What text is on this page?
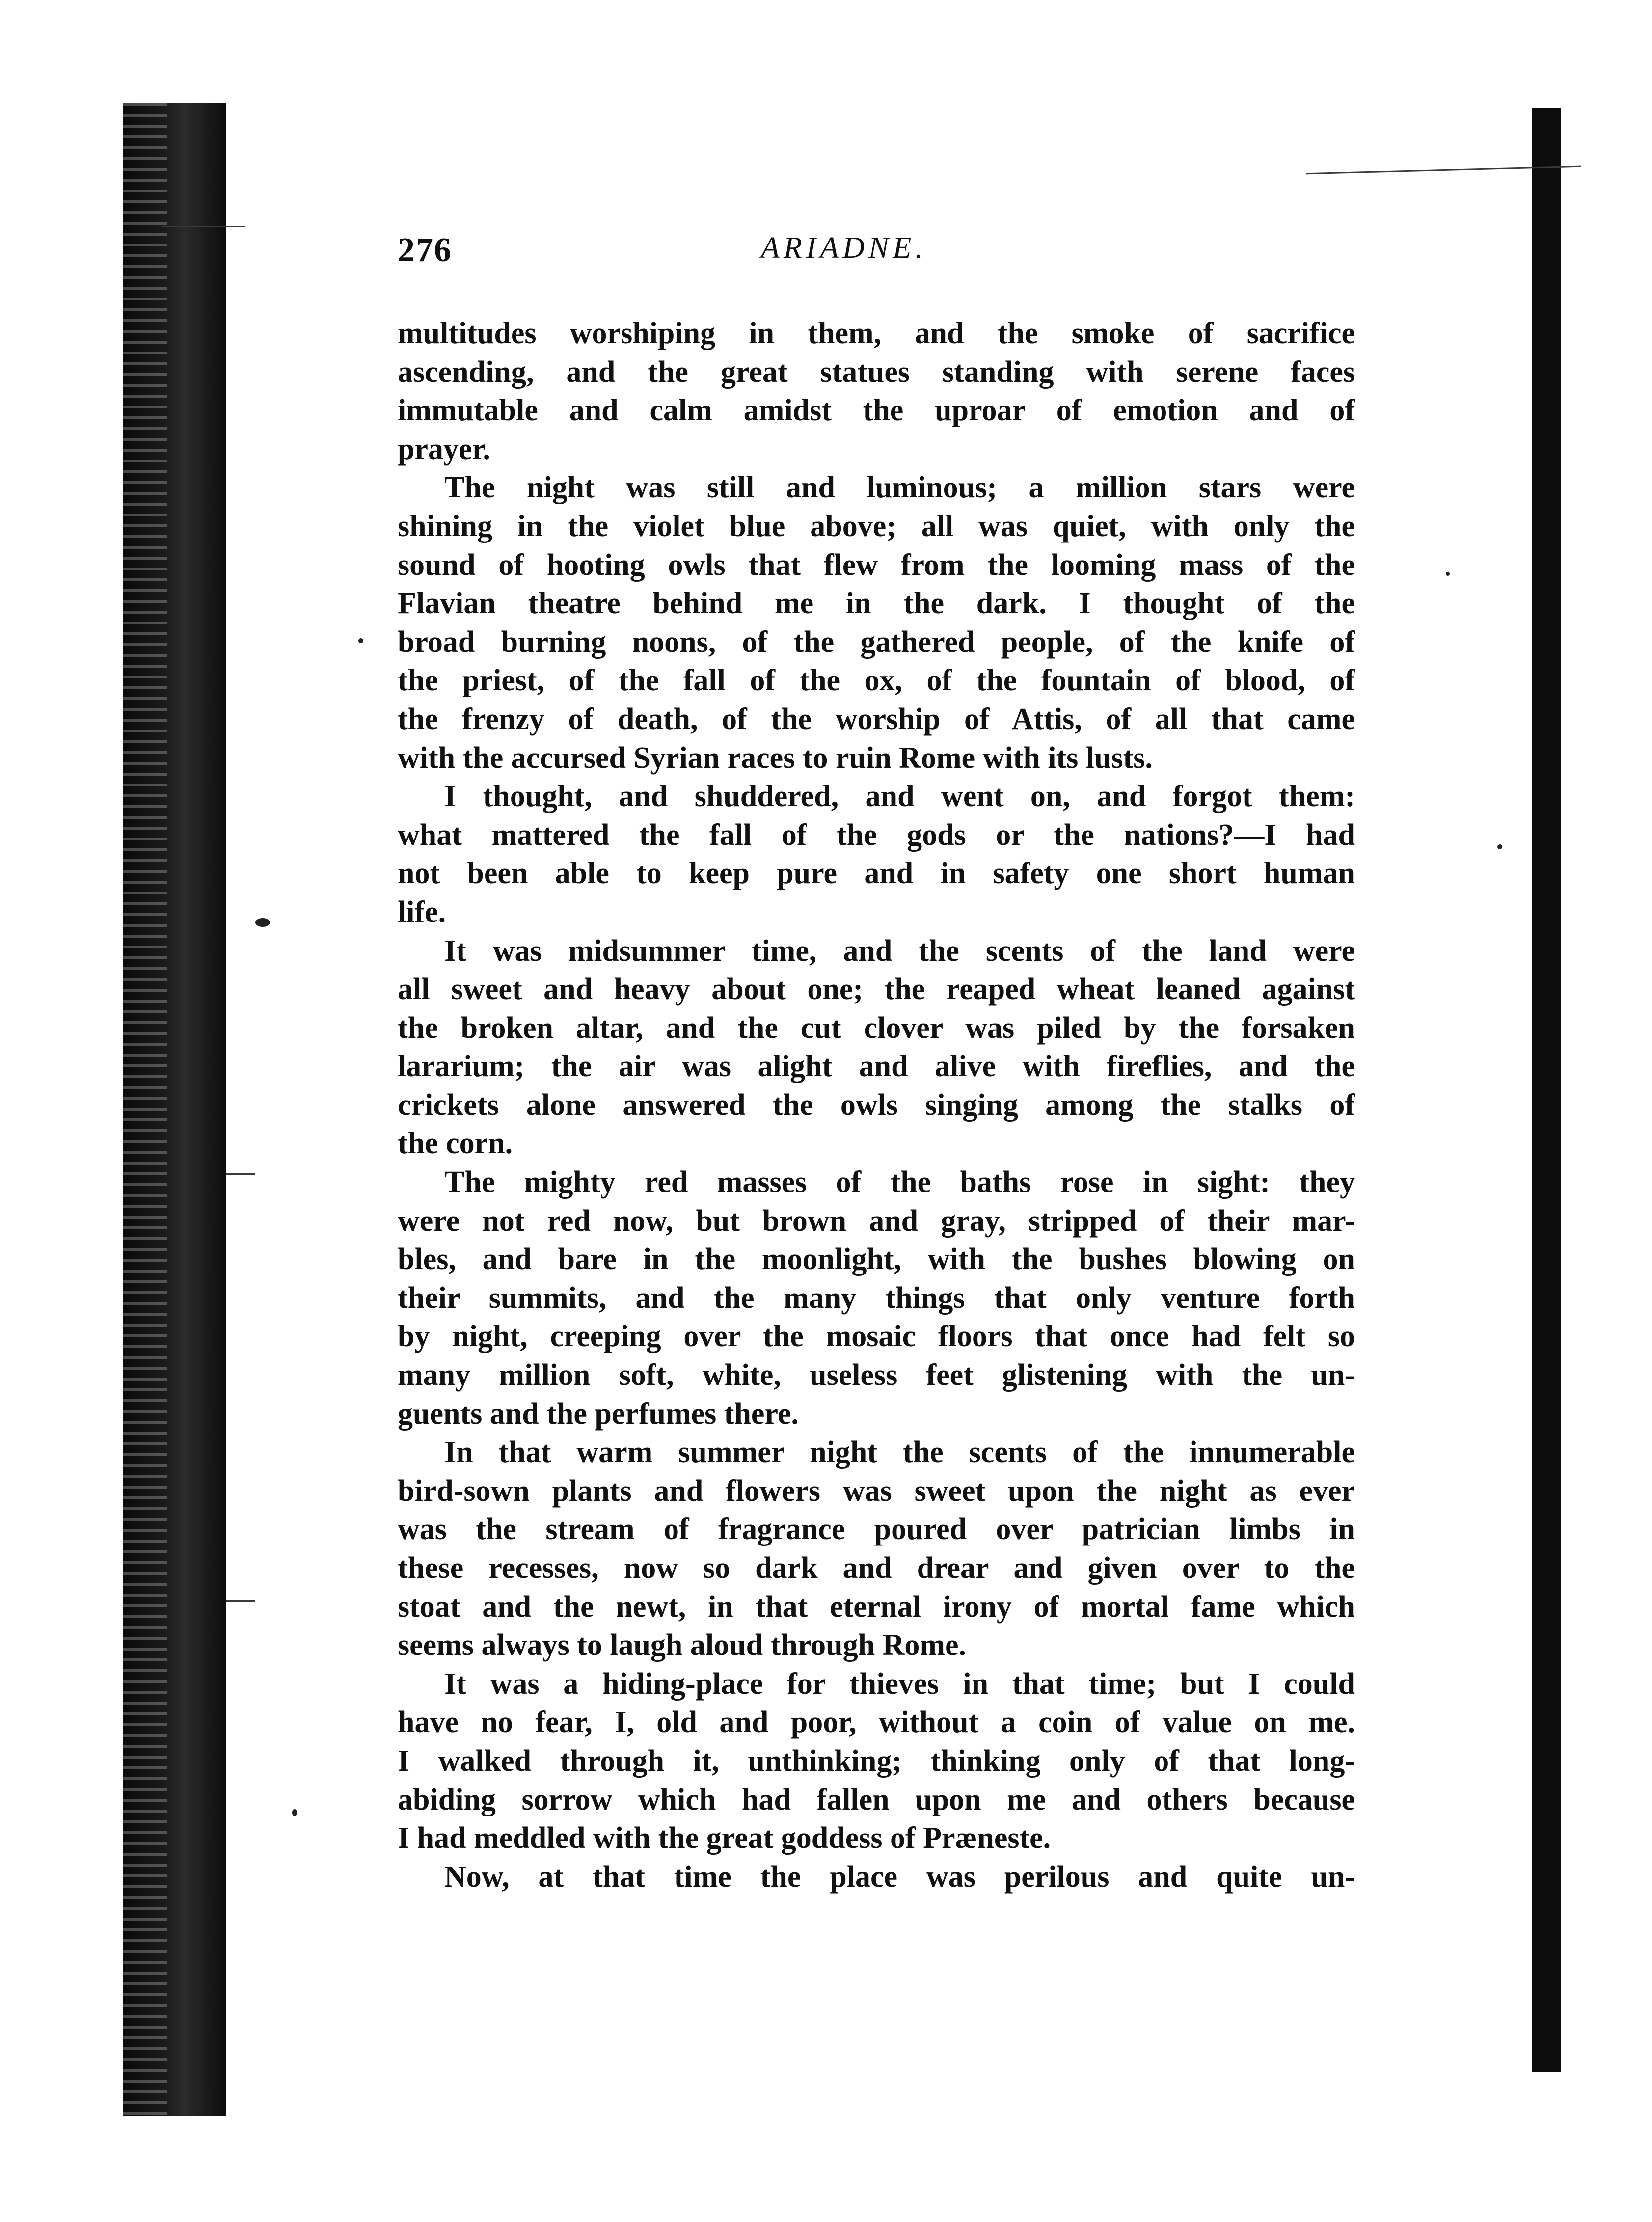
276	ARIADNE.
multitudes worshiping in them, and the smoke of sacrifice
ascending, and the great statues standing with serene faces
immutable and calm amidst the uproar of emotion and of
prayer.
The night was still and luminous; a million stars were
shining in the violet blue above; all was quiet, with only the
sound of hooting owls that flew from the looming mass of the
Flavian theatre behind me in the dark. I thought of the
broad burning noons, of the gathered people, of the knife of
the priest, of the fall of the ox, of the fountain of blood, of
the frenzy of death, of the worship of Attis, of all that came
with the accursed Syrian races to ruin Rome with its lusts.
I thought, and shuddered, and went on, and forgot them:
what mattered the fall of the gods or the nations?—I had
not been able to keep pure and in safety one short human
life.
It was midsummer time, and the scents of the land were
all sweet and heavy about one; the reaped wheat leaned against
the broken altar, and the cut clover was piled by the forsaken
lararium; the air was alight and alive with fireflies, and the
crickets alone answered the owls singing among the stalks of
the corn.
The mighty red masses of the baths rose in sight: they
were not red now, but brown and gray, stripped of their mar-
bles, and bare in the moonlight, with the bushes blowing on
their summits, and the many things that only venture forth
by night, creeping over the mosaic floors that once had felt so
many million soft, white, useless feet glistening with the un-
guents and the perfumes there.
In that warm summer night the scents of the innumerable
bird-sown plants and flowers was sweet upon the night as ever
was the stream of fragrance poured over patrician limbs in
these recesses, now so dark and drear and given over to the
stoat and the newt, in that eternal irony of mortal fame which
seems always to laugh aloud through Rome.
It was a hiding-place for thieves in that time; but I could
have no fear, I, old and poor, without a coin of value on me.
I walked through it, unthinking; thinking only of that long-
abiding sorrow which had fallen upon me and others because
I had meddled with the great goddess of Præneste.
Now, at that time the place was perilous and quite un-
